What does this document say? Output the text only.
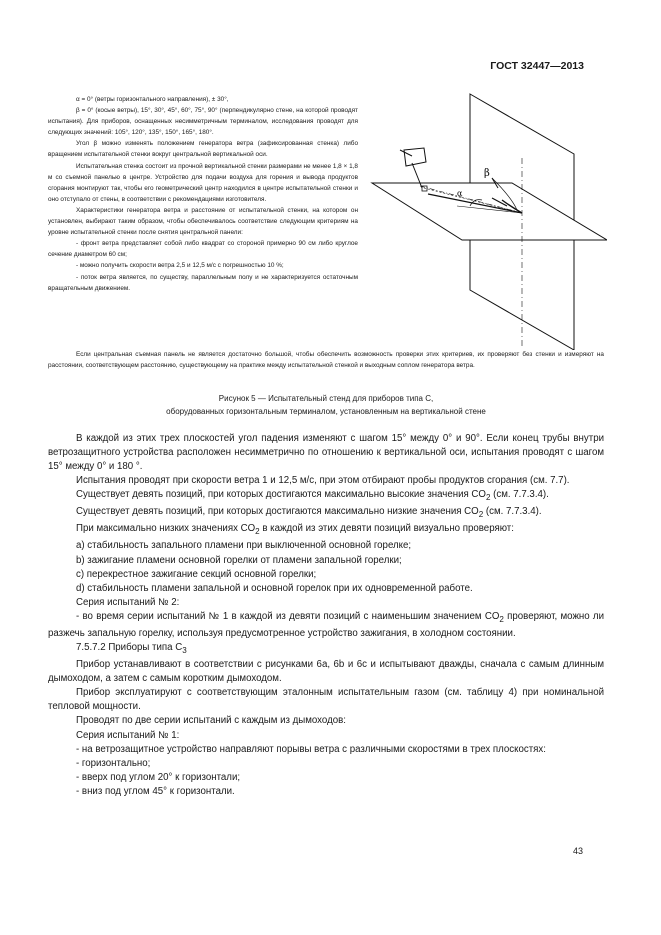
ГОСТ 32447—2013
β
α

α = 0° (ветры горизонтального направления), ± 30°,

β = 0° (косые ветры), 15°, 30°, 45°, 60°, 75°, 90° (перпендикулярно стене, на которой проводят испытания). Для приборов, оснащенных несимметричным терминалом, исследования проводят для следующих значений: 105°, 120°, 135°, 150°, 165°, 180°.

Угол β можно изменять положением генератора ветра (зафиксированная стенка) либо вращением испытательной стенки вокруг центральной вертикальной оси.

Испытательная стенка состоит из прочной вертикальной стенки размерами не менее 1,8 × 1,8 м со съемной панелью в центре. Устройство для подачи воздуха для горения и вывода продуктов сгорания монтируют так, чтобы его геометрический центр находился в центре испытательной стенки и оно отступало от стены, в соответствии с рекомендациями изготовителя.

Характеристики генератора ветра и расстояние от испытательной стенки, на котором он установлен, выбирают таким образом, чтобы обеспечивалось соответствие следующим критериям на уровне испытательной стенки после снятия центральной панели:

- фронт ветра представляет собой либо квадрат со стороной примерно 90 см либо круглое сечение диаметром 60 см;

- можно получить скорости ветра 2,5 и 12,5 м/с с погрешностью 10 %;

- поток ветра является, по существу, параллельным полу и не характеризуется остаточным вращательным движением.

Если центральная съемная панель не является достаточно большой, чтобы обеспечить возможность проверки этих критериев, их проверяют без стенки и измеряют на расстоянии, соответствующем расстоянию, существующему на практике между испытательной стенкой и выходным соплом генератора ветра.

Рисунок 5 — Испытательный стенд для приборов типа С,
оборудованных горизонтальным терминалом, установленным на вертикальной стене

В каждой из этих трех плоскостей угол падения изменяют с шагом 15° между 0° и 90°. Если конец трубы внутри ветрозащитного устройства расположен несимметрично по отношению к вертикальной оси, испытания проводят с шагом 15° между 0° и 180 °.

Испытания проводят при скорости ветра 1 и 12,5 м/с, при этом отбирают пробы продуктов сгорания (см. 7.7).

Существует девять позиций, при которых достигаются максимально высокие значения $CO_2$ (см. 7.7.3.4).

Существует девять позиций, при которых достигаются максимально низкие значения $CO_2$ (см. 7.7.3.4).

При максимально низких значениях $CO_2$ в каждой из этих девяти позиций визуально проверяют:

a) стабильность запального пламени при выключенной основной горелке;

b) зажигание пламени основной горелки от пламени запальной горелки;

c) перекрестное зажигание секций основной горелки;

d) стабильность пламени запальной и основной горелок при их одновременной работе.

Серия испытаний № 2:

- во время серии испытаний № 1 в каждой из девяти позиций с наименьшим значением $CO_2$ проверяют, можно ли разжечь запальную горелку, используя предусмотренное устройство зажигания, в холодном состоянии.

7.5.7.2 Приборы типа $C_3$

Прибор устанавливают в соответствии с рисунками 6a, 6b и 6c и испытывают дважды, сначала с самым длинным дымоходом, а затем с самым коротким дымоходом.

Прибор эксплуатируют с соответствующим эталонным испытательным газом (см. таблицу 4) при номинальной тепловой мощности.

Проводят по две серии испытаний с каждым из дымоходов:

Серия испытаний № 1:

- на ветрозащитное устройство направляют порывы ветра с различными скоростями в трех плоскостях:

- горизонтально;

- вверх под углом 20° к горизонтали;

- вниз под углом 45° к горизонтали.

43
